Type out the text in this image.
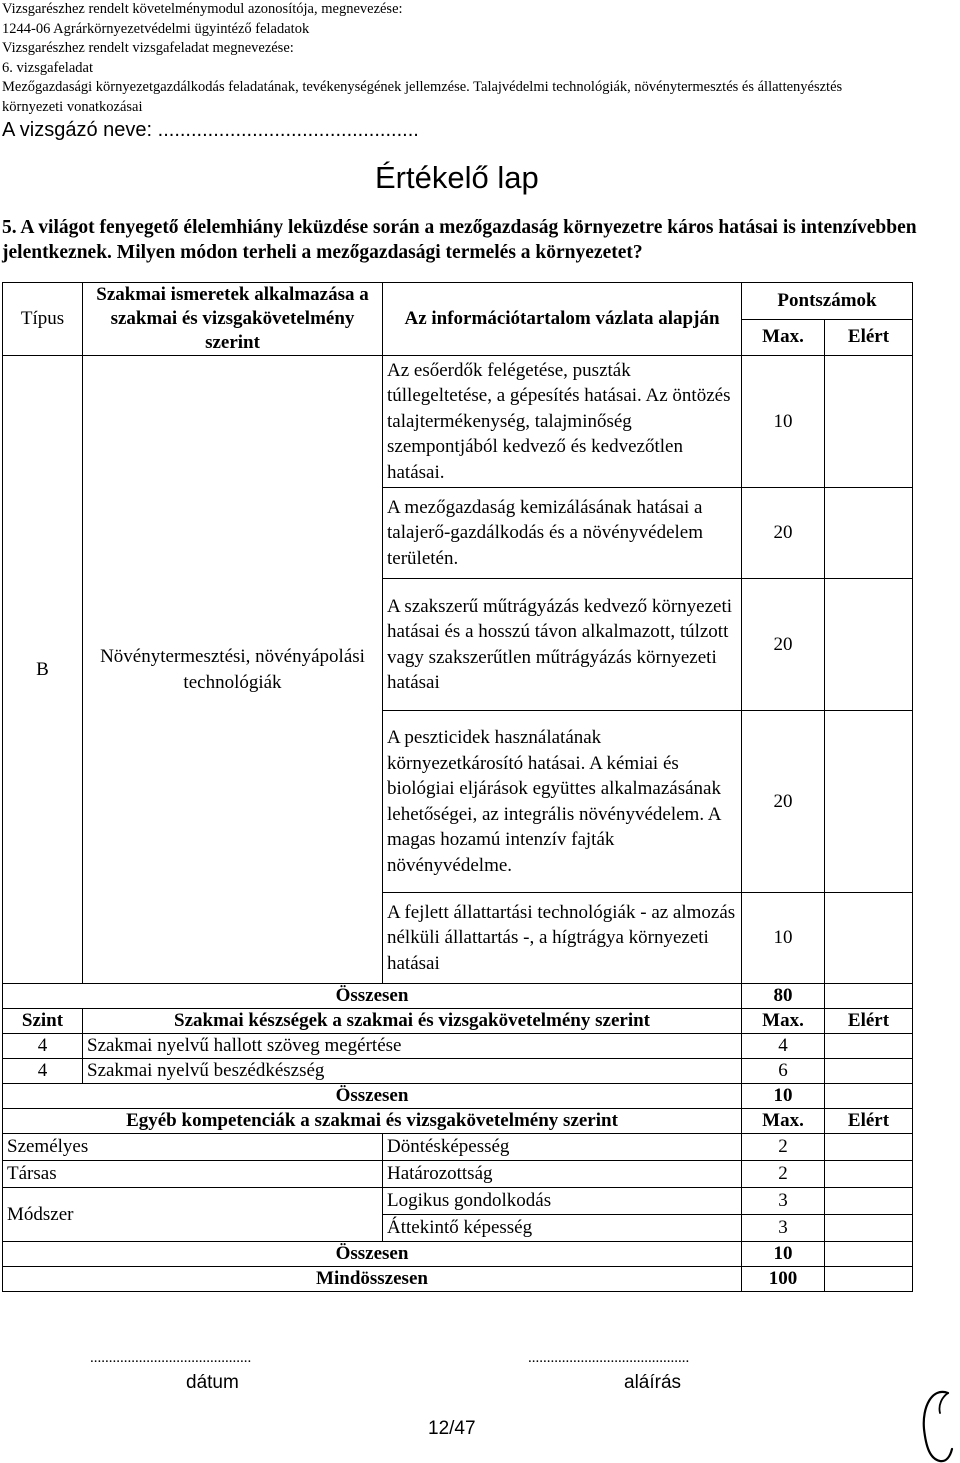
Vizsgarészhez rendelt követelménymodul azonosítója, megnevezése:
1244-06 Agrárkörnyezetvédelmi ügyintéző feladatok
Vizsgarészhez rendelt vizsgafeladat megnevezése:
6. vizsgafeladat
Mezőgazdasági környezetgazdálkodás feladatának, tevékenységének jellemzése. Talajvédelmi technológiák, növénytermesztés és állattenyésztés
környezeti vonatkozásai
A vizsgázó neve: ...............................................
Értékelő lap
5. A világot fenyegető élelemhiány leküzdése során a mezőgazdaság környezetre káros hatásai is intenzívebben jelentkeznek. Milyen módon terheli a mezőgazdasági termelés a környezetet?
Típus	Szakmai ismeretek alkalmazása a szakmai és vizsgakövetelmény szerint	Az információtartalom vázlata alapján	Pontszámok	
			Max.	Elért
B	Növénytermesztési, növényápolási technológiák	Az esőerdők felégetése, puszták túllegeltetése, a gépesítés hatásai. Az öntözés talajtermékenység, talajminőség szempontjából kedvező és kedvezőtlen hatásai.	10	
		A mezőgazdaság kemizálásának hatásai a talajerő-gazdálkodás és a növényvédelem területén.	20	
		A szakszerű műtrágyázás kedvező környezeti hatásai és a hosszú távon alkalmazott, túlzott vagy szakszerűtlen műtrágyázás környezeti hatásai	20	
		A peszticidek használatának környezetkárosító hatásai. A kémiai és biológiai eljárások együttes alkalmazásának lehetőségei, az integrális növényvédelem. A magas hozamú intenzív fajták növényvédelme.	20	
		A fejlett állattartási technológiák - az almozás nélküli állattartás -, a hígtrágya környezeti hatásai	10	
Összesen			80	
Szint	Szakmai készségek a szakmai és vizsgakövetelmény szerint		Max.	Elért
4	Szakmai nyelvű hallott szöveg megértése		4	
4	Szakmai nyelvű beszédkészség		6	
Összesen			10	
Egyéb kompetenciák a szakmai és vizsgakövetelmény szerint			Max.	Elért
Személyes		Döntésképesség	2	
Társas		Határozottság	2	
Módszer		Logikus gondolkodás	3	
		Áttekintő képesség	3	
Összesen			10	
Mindösszesen			100	
...........................................
dátum
...........................................
aláírás
12/47
